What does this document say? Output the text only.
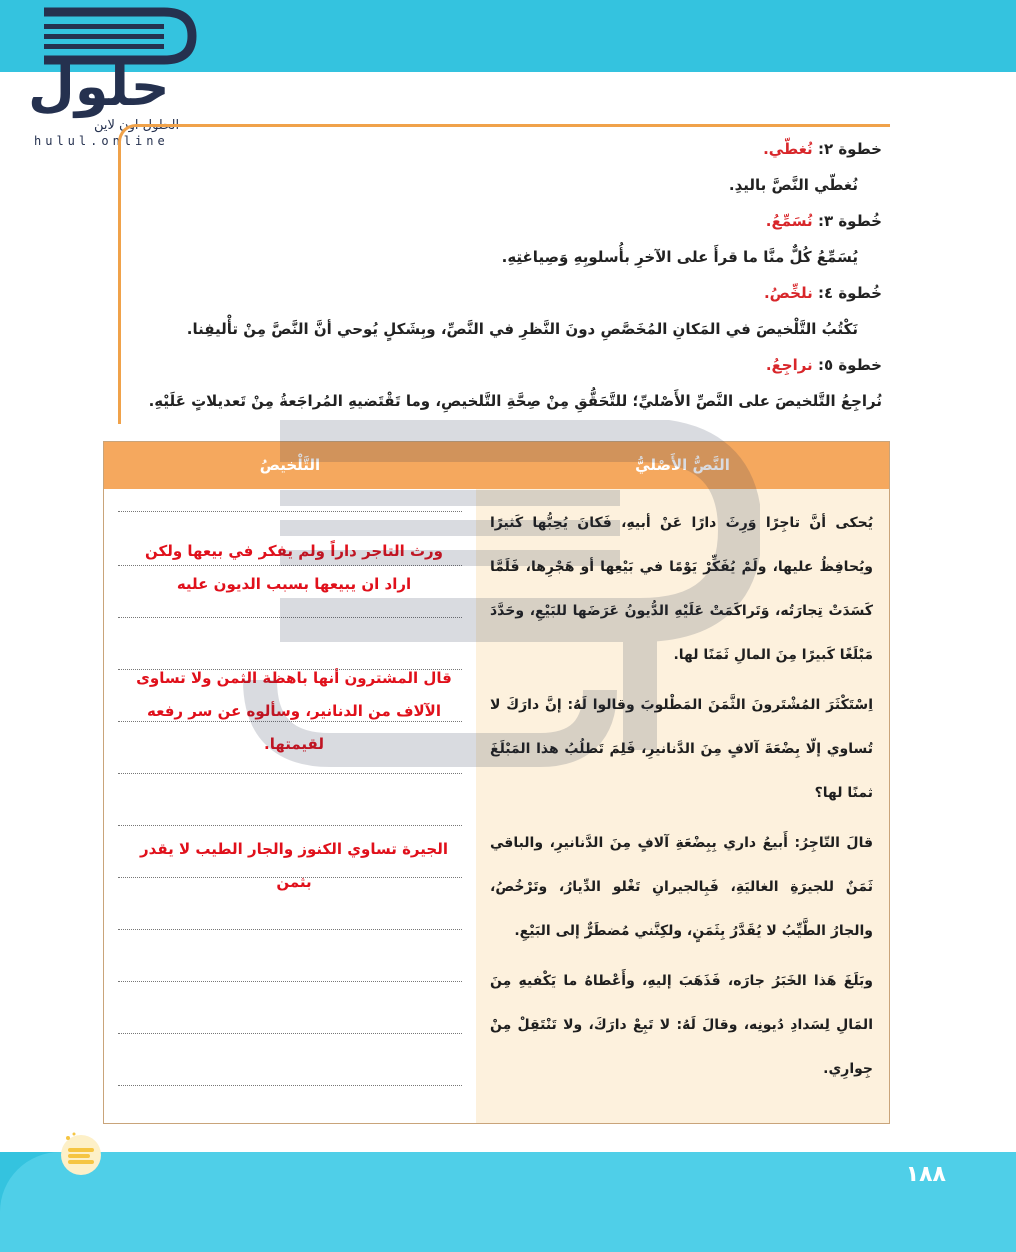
حلول
الحلول اون لاين
hulul.online	خطوة ٢: نُغطّي.
نُغطّي النَّصَّ باليدِ.
خُطوة ٣: نُسَمِّعُ.
يُسَمِّعُ كُلٌّ منَّا ما قرأَ على الآخرِ بأُسلوبِهِ وَصِياغتِهِ.
خُطوة ٤: نلخِّصُ.
نَكْتُبُ التَّلْخيصَ في المَكانِ المُخَصَّصِ دونَ النَّظرِ في النَّصِّ، وبِشَكلٍ يُوحي أنَّ النَّصَّ مِنْ تأْليفِنا.
خطوة ٥: نراجِعُ.
نُراجِعُ التَّلخيصَ على النَّصِّ الأَصْليِّ؛ للتَّحَقُّقِ مِنْ صِحَّةِ التَّلخيصِ، وما تَقْتَضيهِ المُراجَعةُ مِنْ تَعديلاتٍ عَلَيْهِ.
النَّصُّ الأَصْليُّ
التَّلْخيصُ

يُحكى أنَّ تاجِرًا وَرِثَ دارًا عَنْ أبيهِ، فَكانَ يُحِبُّها كَثيرًا ويُحافِظُ عليها، ولَمْ يُفَكِّرْ يَوْمًا في بَيْعِها أو هَجْرِها، فَلَمَّا كَسَدَتْ تِجارَتُه، وَتَراكَمَتْ عَلَيْهِ الدُّيونُ عَرَضَها للبَيْعِ، وحَدَّدَ مَبْلَغًا كَبيرًا مِنَ المالِ ثَمَنًا لها.

اِسْتَكْثَرَ المُشْتَرونَ الثَّمَنَ المَطْلوبَ وقالوا لَهُ: إنَّ دارَكَ لا تُساوي إلّا بِضْعَةَ آلافٍ مِنَ الدَّنانيرِ، فَلِمَ تَطلُبُ هذا المَبْلَغَ ثمنًا لها؟

قالَ التّاجِرُ: أَبيعُ داري بِبِضْعَةِ آلافٍ مِنَ الدَّنانيرِ، والباقي ثَمَنٌ للجيرَةِ الغاليَةِ، فَبِالجيرانِ تَغْلو الدِّيارُ، وتَرْخُصُ، والجارُ الطَّيِّبُ لا يُقَدَّرُ بِثَمَنٍ، ولكِنَّني مُضطَرٌّ إلى البَيْعِ.

وبَلَغَ هَذا الخَبَرُ جارَه، فَذَهَبَ إليهِ، وأَعْطاهُ ما يَكْفيهِ مِنَ المَالِ لِسَدادِ دُيونِه، وقالَ لَهُ: لا تَبِعْ دارَكَ، ولا تَنْتَقِلْ مِنْ جِوارِي.

ورث التاجر داراً ولم يفكر في بيعها ولكن اراد ان يبيعها بسبب الديون عليه
قال المشترون أنها باهظة الثمن ولا تساوى الآلاف من الدنانير، وسألوه عن سر رفعه لقيمتها.
الجيرة تساوي الكنوز والجار الطيب لا يقدر بثمن
١٨٨
